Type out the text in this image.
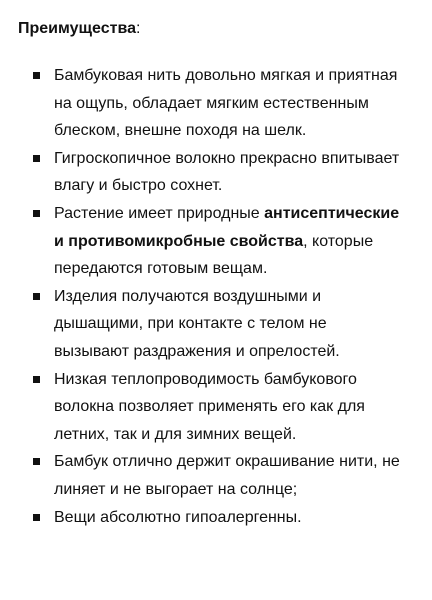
Преимущества:

Бамбуковая нить довольно мягкая и приятная на ощупь, обладает мягким естественным блеском, внешне походя на шелк.
Гигроскопичное волокно прекрасно впитывает влагу и быстро сохнет.
Растение имеет природные антисептические и противомикробные свойства, которые передаются готовым вещам.
Изделия получаются воздушными и дышащими, при контакте с телом не вызывают раздражения и опрелостей.
Низкая теплопроводимость бамбукового волокна позволяет применять его как для летних, так и для зимних вещей.
Бамбук отлично держит окрашивание нити, не линяет и не выгорает на солнце;
Вещи абсолютно гипоалергенны.
